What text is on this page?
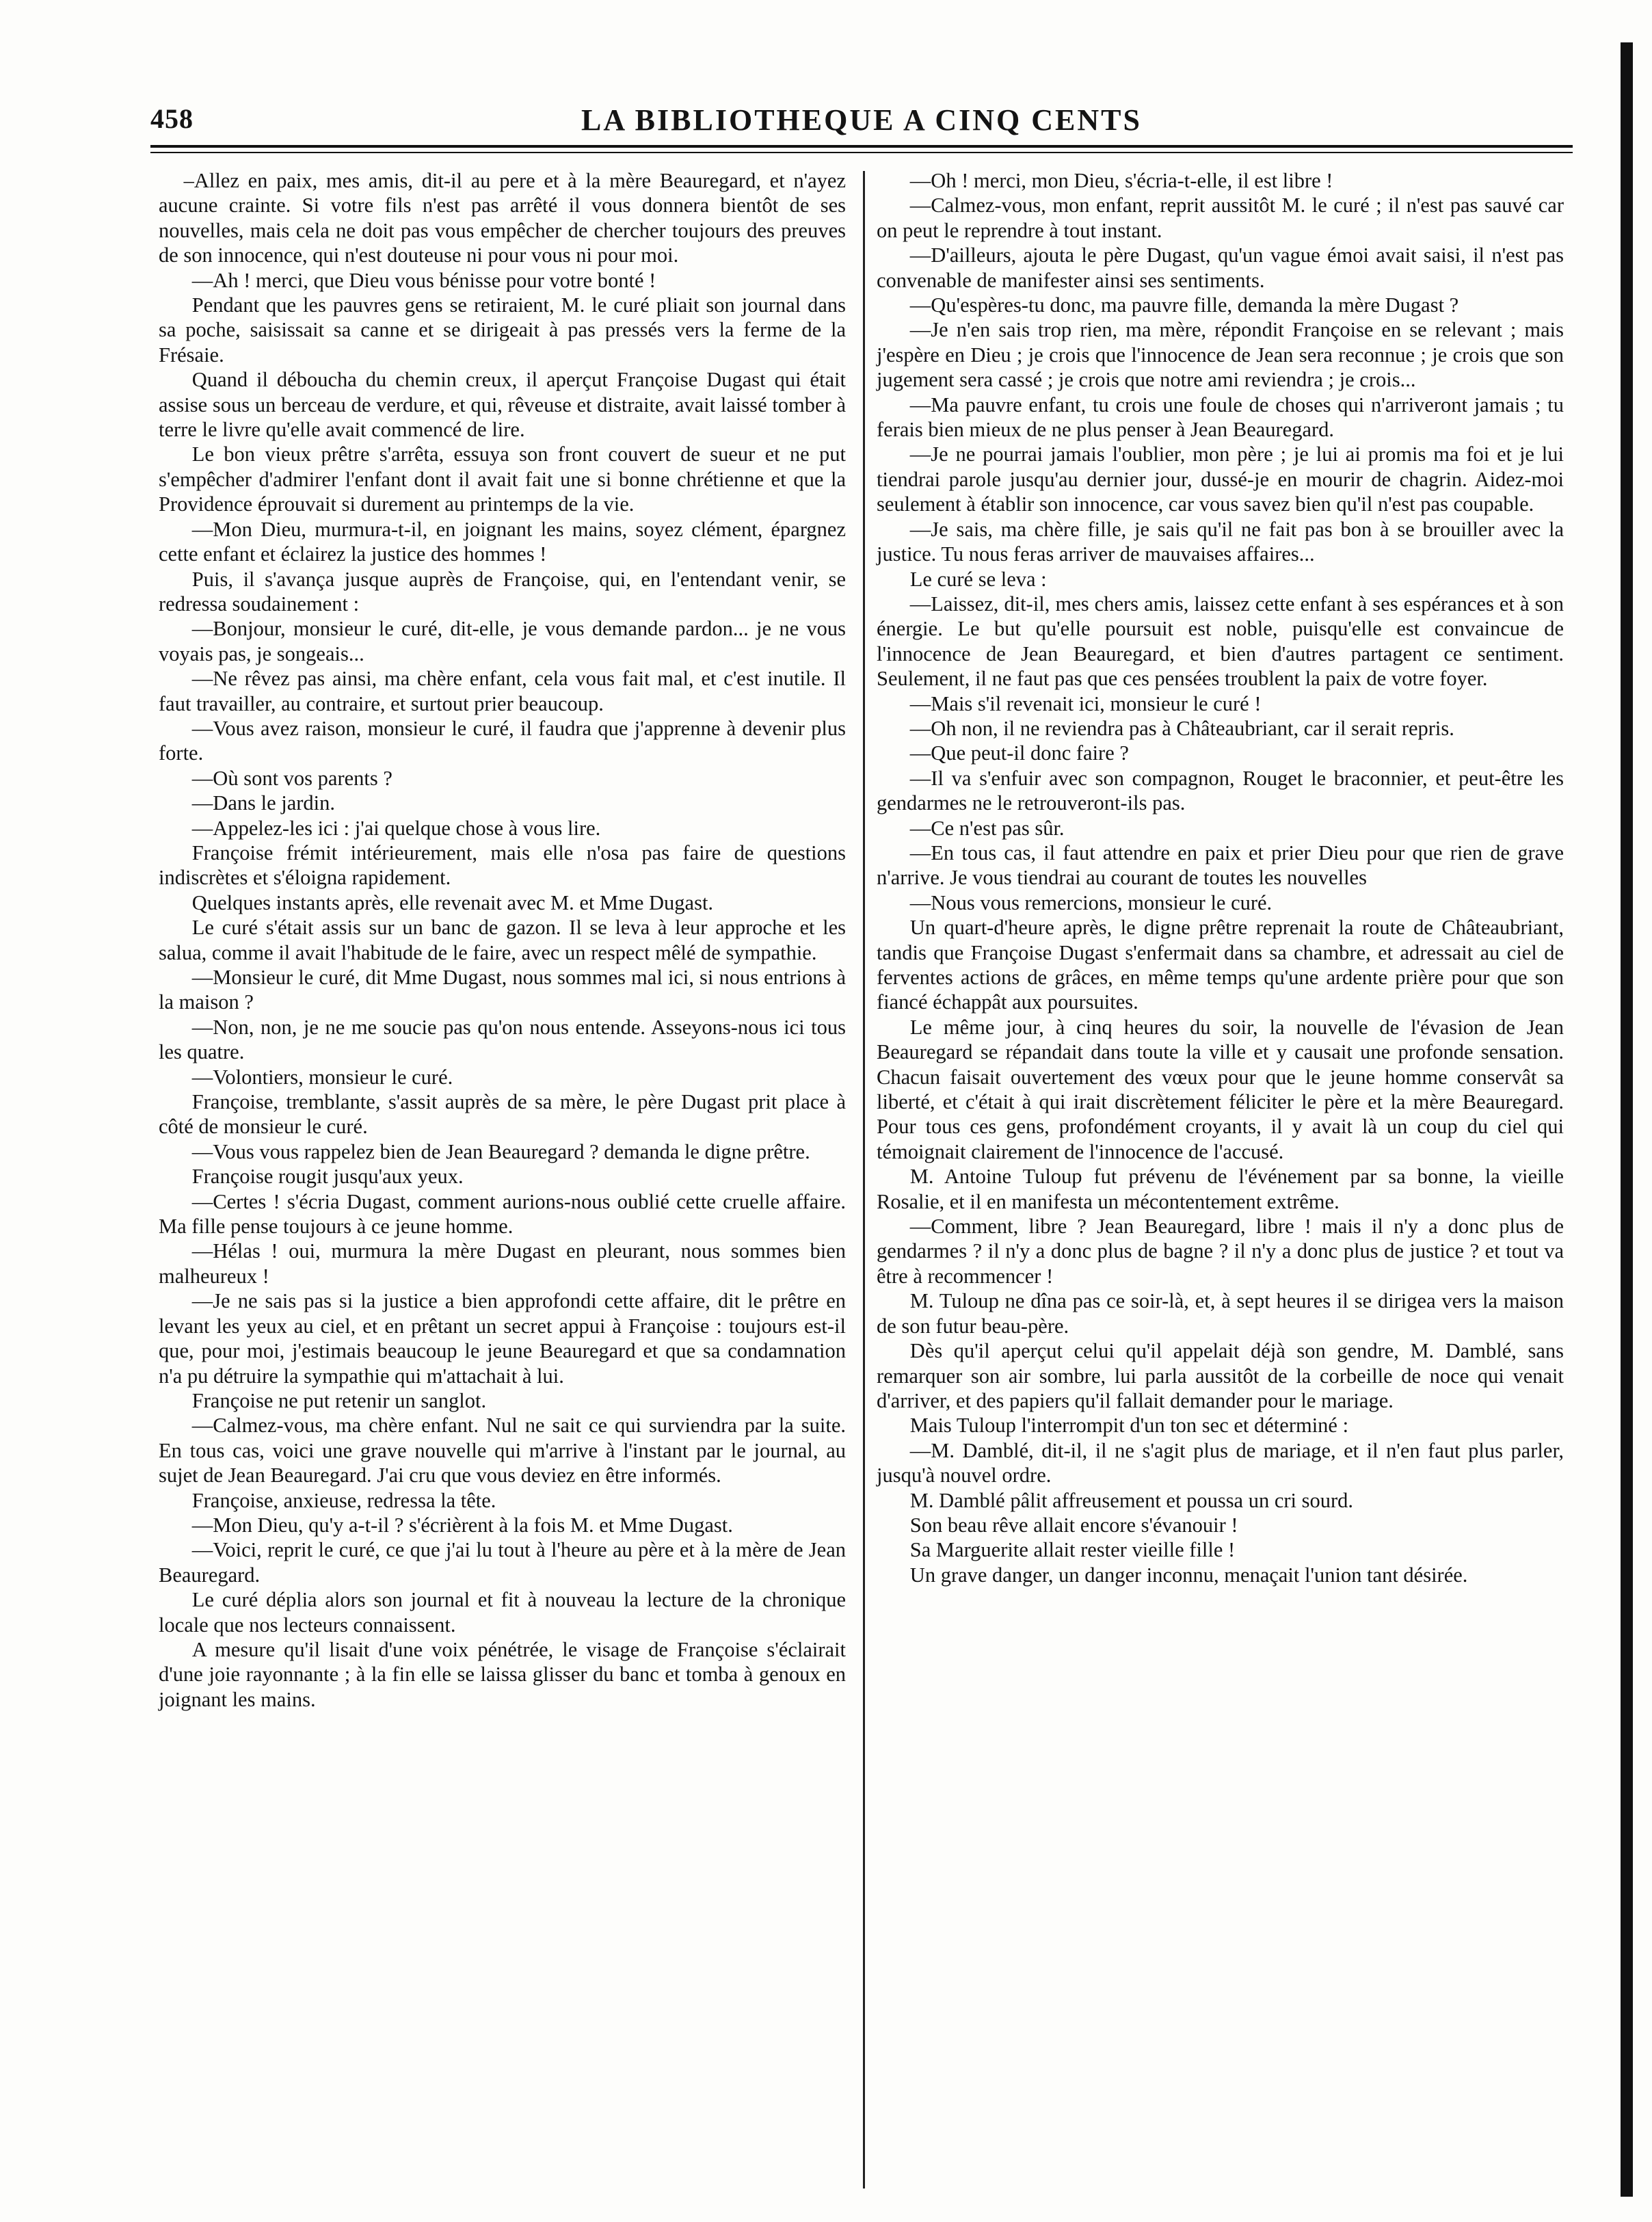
458	LA BIBLIOTHEQUE A CINQ CENTS

–Allez en paix, mes amis, dit-il au pere et à la mère Beauregard, et n'ayez aucune crainte. Si votre fils n'est pas arrêté il vous donnera bientôt de ses nouvelles, mais cela ne doit pas vous empêcher de chercher toujours des preuves de son innocence, qui n'est douteuse ni pour vous ni pour moi.

—Ah ! merci, que Dieu vous bénisse pour votre bonté !

Pendant que les pauvres gens se retiraient, M. le curé pliait son journal dans sa poche, saisissait sa canne et se dirigeait à pas pressés vers la ferme de la Frésaie.

Quand il déboucha du chemin creux, il aperçut Françoise Dugast qui était assise sous un berceau de verdure, et qui, rêveuse et distraite, avait laissé tomber à terre le livre qu'elle avait commencé de lire.

Le bon vieux prêtre s'arrêta, essuya son front couvert de sueur et ne put s'empêcher d'admirer l'enfant dont il avait fait une si bonne chrétienne et que la Providence éprouvait si durement au printemps de la vie.

—Mon Dieu, murmura-t-il, en joignant les mains, soyez clément, épargnez cette enfant et éclairez la justice des hommes !

Puis, il s'avança jusque auprès de Françoise, qui, en l'entendant venir, se redressa soudainement :

—Bonjour, monsieur le curé, dit-elle, je vous demande pardon... je ne vous voyais pas, je songeais...

—Ne rêvez pas ainsi, ma chère enfant, cela vous fait mal, et c'est inutile. Il faut travailler, au contraire, et surtout prier beaucoup.

—Vous avez raison, monsieur le curé, il faudra que j'apprenne à devenir plus forte.

—Où sont vos parents ?

—Dans le jardin.

—Appelez-les ici : j'ai quelque chose à vous lire.

Françoise frémit intérieurement, mais elle n'osa pas faire de questions indiscrètes et s'éloigna rapidement.

Quelques instants après, elle revenait avec M. et Mme Dugast.

Le curé s'était assis sur un banc de gazon. Il se leva à leur approche et les salua, comme il avait l'habitude de le faire, avec un respect mêlé de sympathie.

—Monsieur le curé, dit Mme Dugast, nous sommes mal ici, si nous entrions à la maison ?

—Non, non, je ne me soucie pas qu'on nous entende. Asseyons-nous ici tous les quatre.

—Volontiers, monsieur le curé.

Françoise, tremblante, s'assit auprès de sa mère, le père Dugast prit place à côté de monsieur le curé.

—Vous vous rappelez bien de Jean Beauregard ? demanda le digne prêtre.

Françoise rougit jusqu'aux yeux.

—Certes ! s'écria Dugast, comment aurions-nous oublié cette cruelle affaire. Ma fille pense toujours à ce jeune homme.

—Hélas ! oui, murmura la mère Dugast en pleurant, nous sommes bien malheureux !

—Je ne sais pas si la justice a bien approfondi cette affaire, dit le prêtre en levant les yeux au ciel, et en prêtant un secret appui à Françoise : toujours est-il que, pour moi, j'estimais beaucoup le jeune Beauregard et que sa condamnation n'a pu détruire la sympathie qui m'attachait à lui.

Françoise ne put retenir un sanglot.

—Calmez-vous, ma chère enfant. Nul ne sait ce qui surviendra par la suite. En tous cas, voici une grave nouvelle qui m'arrive à l'instant par le journal, au sujet de Jean Beauregard. J'ai cru que vous deviez en être informés.

Françoise, anxieuse, redressa la tête.

—Mon Dieu, qu'y a-t-il ? s'écrièrent à la fois M. et Mme Dugast.

—Voici, reprit le curé, ce que j'ai lu tout à l'heure au père et à la mère de Jean Beauregard.

Le curé déplia alors son journal et fit à nouveau la lecture de la chronique locale que nos lecteurs connaissent.

A mesure qu'il lisait d'une voix pénétrée, le visage de Françoise s'éclairait d'une joie rayonnante ; à la fin elle se laissa glisser du banc et tomba à genoux en joignant les mains.

—Oh ! merci, mon Dieu, s'écria-t-elle, il est libre !

—Calmez-vous, mon enfant, reprit aussitôt M. le curé ; il n'est pas sauvé car on peut le reprendre à tout instant.

—D'ailleurs, ajouta le père Dugast, qu'un vague émoi avait saisi, il n'est pas convenable de manifester ainsi ses sentiments.

—Qu'espères-tu donc, ma pauvre fille, demanda la mère Dugast ?

—Je n'en sais trop rien, ma mère, répondit Françoise en se relevant ; mais j'espère en Dieu ; je crois que l'innocence de Jean sera reconnue ; je crois que son jugement sera cassé ; je crois que notre ami reviendra ; je crois...

—Ma pauvre enfant, tu crois une foule de choses qui n'arriveront jamais ; tu ferais bien mieux de ne plus penser à Jean Beauregard.

—Je ne pourrai jamais l'oublier, mon père ; je lui ai promis ma foi et je lui tiendrai parole jusqu'au dernier jour, dussé-je en mourir de chagrin. Aidez-moi seulement à établir son innocence, car vous savez bien qu'il n'est pas coupable.

—Je sais, ma chère fille, je sais qu'il ne fait pas bon à se brouiller avec la justice. Tu nous feras arriver de mauvaises affaires...

Le curé se leva :

—Laissez, dit-il, mes chers amis, laissez cette enfant à ses espérances et à son énergie. Le but qu'elle poursuit est noble, puisqu'elle est convaincue de l'innocence de Jean Beauregard, et bien d'autres partagent ce sentiment. Seulement, il ne faut pas que ces pensées troublent la paix de votre foyer.

—Mais s'il revenait ici, monsieur le curé !

—Oh non, il ne reviendra pas à Châteaubriant, car il serait repris.

—Que peut-il donc faire ?

—Il va s'enfuir avec son compagnon, Rouget le braconnier, et peut-être les gendarmes ne le retrouveront-ils pas.

—Ce n'est pas sûr.

—En tous cas, il faut attendre en paix et prier Dieu pour que rien de grave n'arrive. Je vous tiendrai au courant de toutes les nouvelles

—Nous vous remercions, monsieur le curé.

Un quart-d'heure après, le digne prêtre reprenait la route de Châteaubriant, tandis que Françoise Dugast s'enfermait dans sa chambre, et adressait au ciel de ferventes actions de grâces, en même temps qu'une ardente prière pour que son fiancé échappât aux poursuites.

Le même jour, à cinq heures du soir, la nouvelle de l'évasion de Jean Beauregard se répandait dans toute la ville et y causait une profonde sensation. Chacun faisait ouvertement des vœux pour que le jeune homme conservât sa liberté, et c'était à qui irait discrètement féliciter le père et la mère Beauregard. Pour tous ces gens, profondément croyants, il y avait là un coup du ciel qui témoignait clairement de l'innocence de l'accusé.

M. Antoine Tuloup fut prévenu de l'événement par sa bonne, la vieille Rosalie, et il en manifesta un mécontentement extrême.

—Comment, libre ? Jean Beauregard, libre ! mais il n'y a donc plus de gendarmes ? il n'y a donc plus de bagne ? il n'y a donc plus de justice ? et tout va être à recommencer !

M. Tuloup ne dîna pas ce soir-là, et, à sept heures il se dirigea vers la maison de son futur beau-père.

Dès qu'il aperçut celui qu'il appelait déjà son gendre, M. Damblé, sans remarquer son air sombre, lui parla aussitôt de la corbeille de noce qui venait d'arriver, et des papiers qu'il fallait demander pour le mariage.

Mais Tuloup l'interrompit d'un ton sec et déterminé :

—M. Damblé, dit-il, il ne s'agit plus de mariage, et il n'en faut plus parler, jusqu'à nouvel ordre.

M. Damblé pâlit affreusement et poussa un cri sourd.

Son beau rêve allait encore s'évanouir !

Sa Marguerite allait rester vieille fille !

Un grave danger, un danger inconnu, menaçait l'union tant désirée.
